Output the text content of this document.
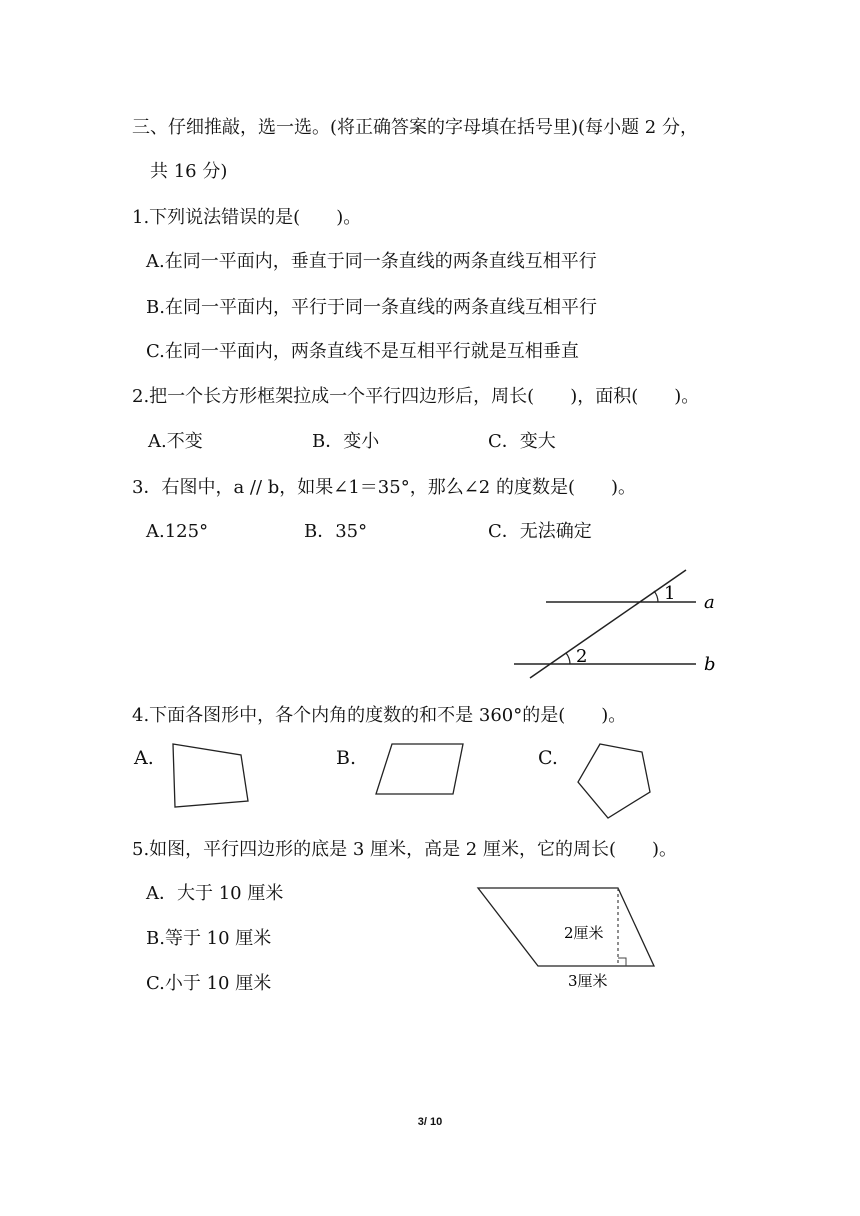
三、仔细推敲，选一选。(将正确答案的字母填在括号里)(每小题 2 分，
共 16 分)
1.下列说法错误的是(　　)。
A.在同一平面内，垂直于同一条直线的两条直线互相平行
B.在同一平面内，平行于同一条直线的两条直线互相平行
C.在同一平面内，两条直线不是互相平行就是互相垂直
2.把一个长方形框架拉成一个平行四边形后，周长(　　)，面积(　　)。
A.不变	B．变小	C．变大
3．右图中，a // b，如果∠1＝35°，那么∠2 的度数是(　　)。
A.125°	B．35°	C．无法确定
1
2
a
b
4.下面各图形中，各个内角的度数的和不是 360°的是(　　)。
A.	B.	C.
5.如图，平行四边形的底是 3 厘米，高是 2 厘米，它的周长(　　)。
A．大于 10 厘米
B.等于 10 厘米
C.小于 10 厘米
2厘米
3厘米
3/ 10
